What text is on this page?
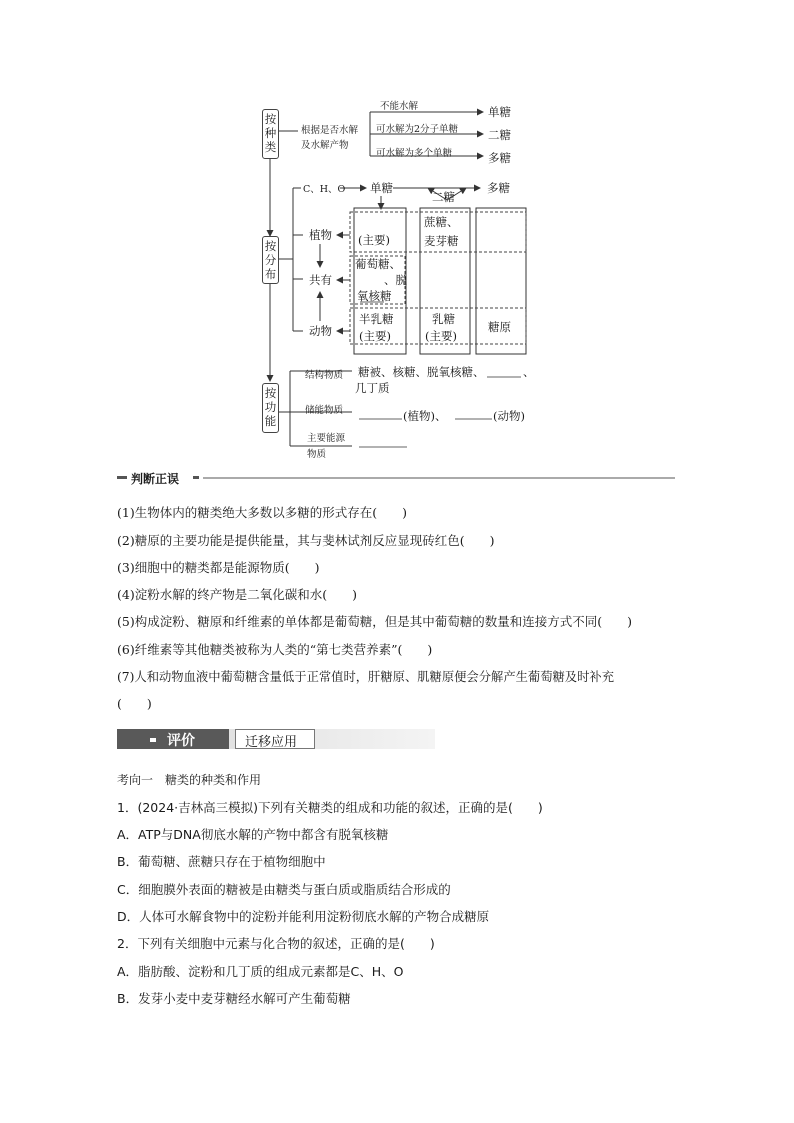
按
种
类
按
分
布
按
功
能
根据是否水解
及水解产物
不能水解
可水解为2分子单糖
可水解为多个单糖
单糖
二糖
多糖
C、H、O 单糖
二糖
多糖
植物
共有
动物
(主要)
蔗糖、
麦芽糖
葡萄糖、
、脱
氧核糖
半乳糖
(主要)
乳糖
(主要)
糖原
结构物质 糖被、核糖、脱氧核糖、	、
几丁质
储能物质	(植物)、	(动物)
主要能源
物质
判断正误
(1)生物体内的糖类绝大多数以多糖的形式存在(　　)
(2)糖原的主要功能是提供能量，其与斐林试剂反应显现砖红色(　　)
(3)细胞中的糖类都是能源物质(　　)
(4)淀粉水解的终产物是二氧化碳和水(　　)
(5)构成淀粉、糖原和纤维素的单体都是葡萄糖，但是其中葡萄糖的数量和连接方式不同(　　)
(6)纤维素等其他糖类被称为人类的“第七类营养素”(　　)
(7)人和动物血液中葡萄糖含量低于正常值时，肝糖原、肌糖原便会分解产生葡萄糖及时补充
(　　)
评价	迁移应用
考向一　糖类的种类和作用
1．(2024·吉林高三模拟)下列有关糖类的组成和功能的叙述，正确的是(　　)
A．ATP与DNA彻底水解的产物中都含有脱氧核糖
B．葡萄糖、蔗糖只存在于植物细胞中
C．细胞膜外表面的糖被是由糖类与蛋白质或脂质结合形成的
D．人体可水解食物中的淀粉并能利用淀粉彻底水解的产物合成糖原
2．下列有关细胞中元素与化合物的叙述，正确的是(　　)
A．脂肪酸、淀粉和几丁质的组成元素都是C、H、O
B．发芽小麦中麦芽糖经水解可产生葡萄糖
